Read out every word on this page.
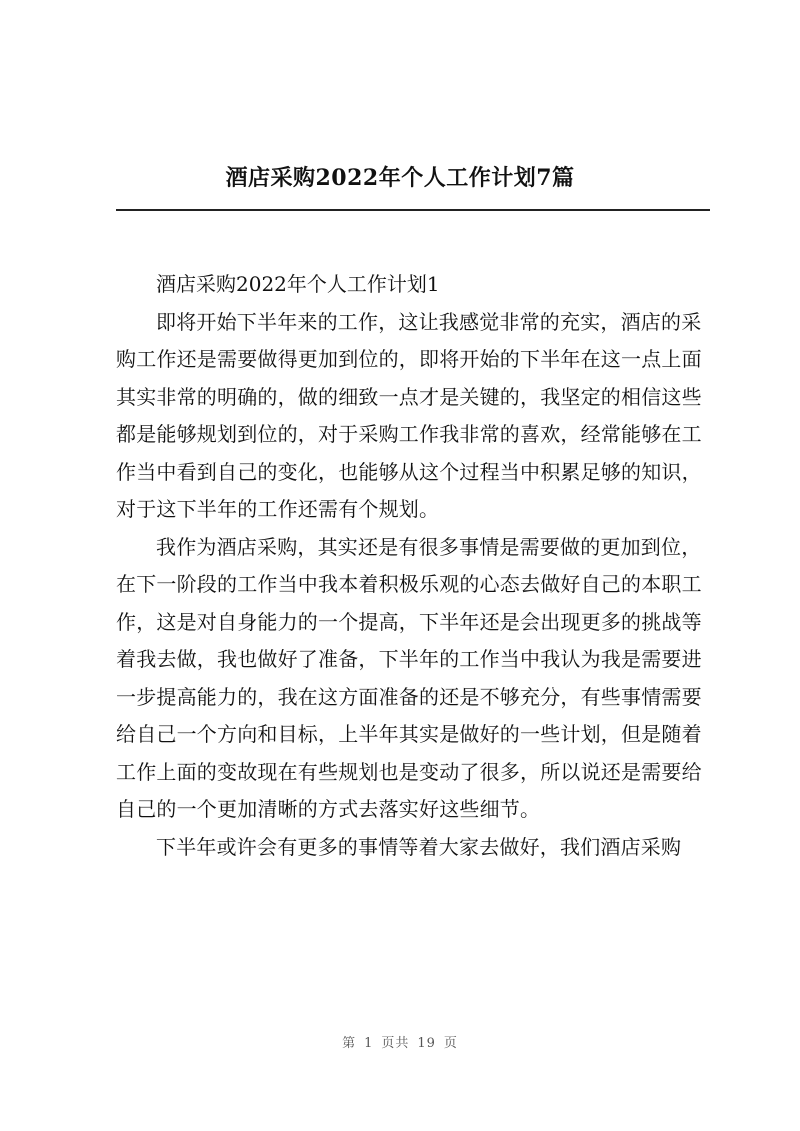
酒店采购2022年个人工作计划7篇

酒店采购2022年个人工作计划1

即将开始下半年来的工作，这让我感觉非常的充实，酒店的采购工作还是需要做得更加到位的，即将开始的下半年在这一点上面其实非常的明确的，做的细致一点才是关键的，我坚定的相信这些都是能够规划到位的，对于采购工作我非常的喜欢，经常能够在工作当中看到自己的变化，也能够从这个过程当中积累足够的知识，对于这下半年的工作还需有个规划。

我作为酒店采购，其实还是有很多事情是需要做的更加到位，在下一阶段的工作当中我本着积极乐观的心态去做好自己的本职工作，这是对自身能力的一个提高，下半年还是会出现更多的挑战等着我去做，我也做好了准备，下半年的工作当中我认为我是需要进一步提高能力的，我在这方面准备的还是不够充分，有些事情需要给自己一个方向和目标，上半年其实是做好的一些计划，但是随着工作上面的变故现在有些规划也是变动了很多，所以说还是需要给自己的一个更加清晰的方式去落实好这些细节。

下半年或许会有更多的事情等着大家去做好，我们酒店采购

第 1 页共 19 页
